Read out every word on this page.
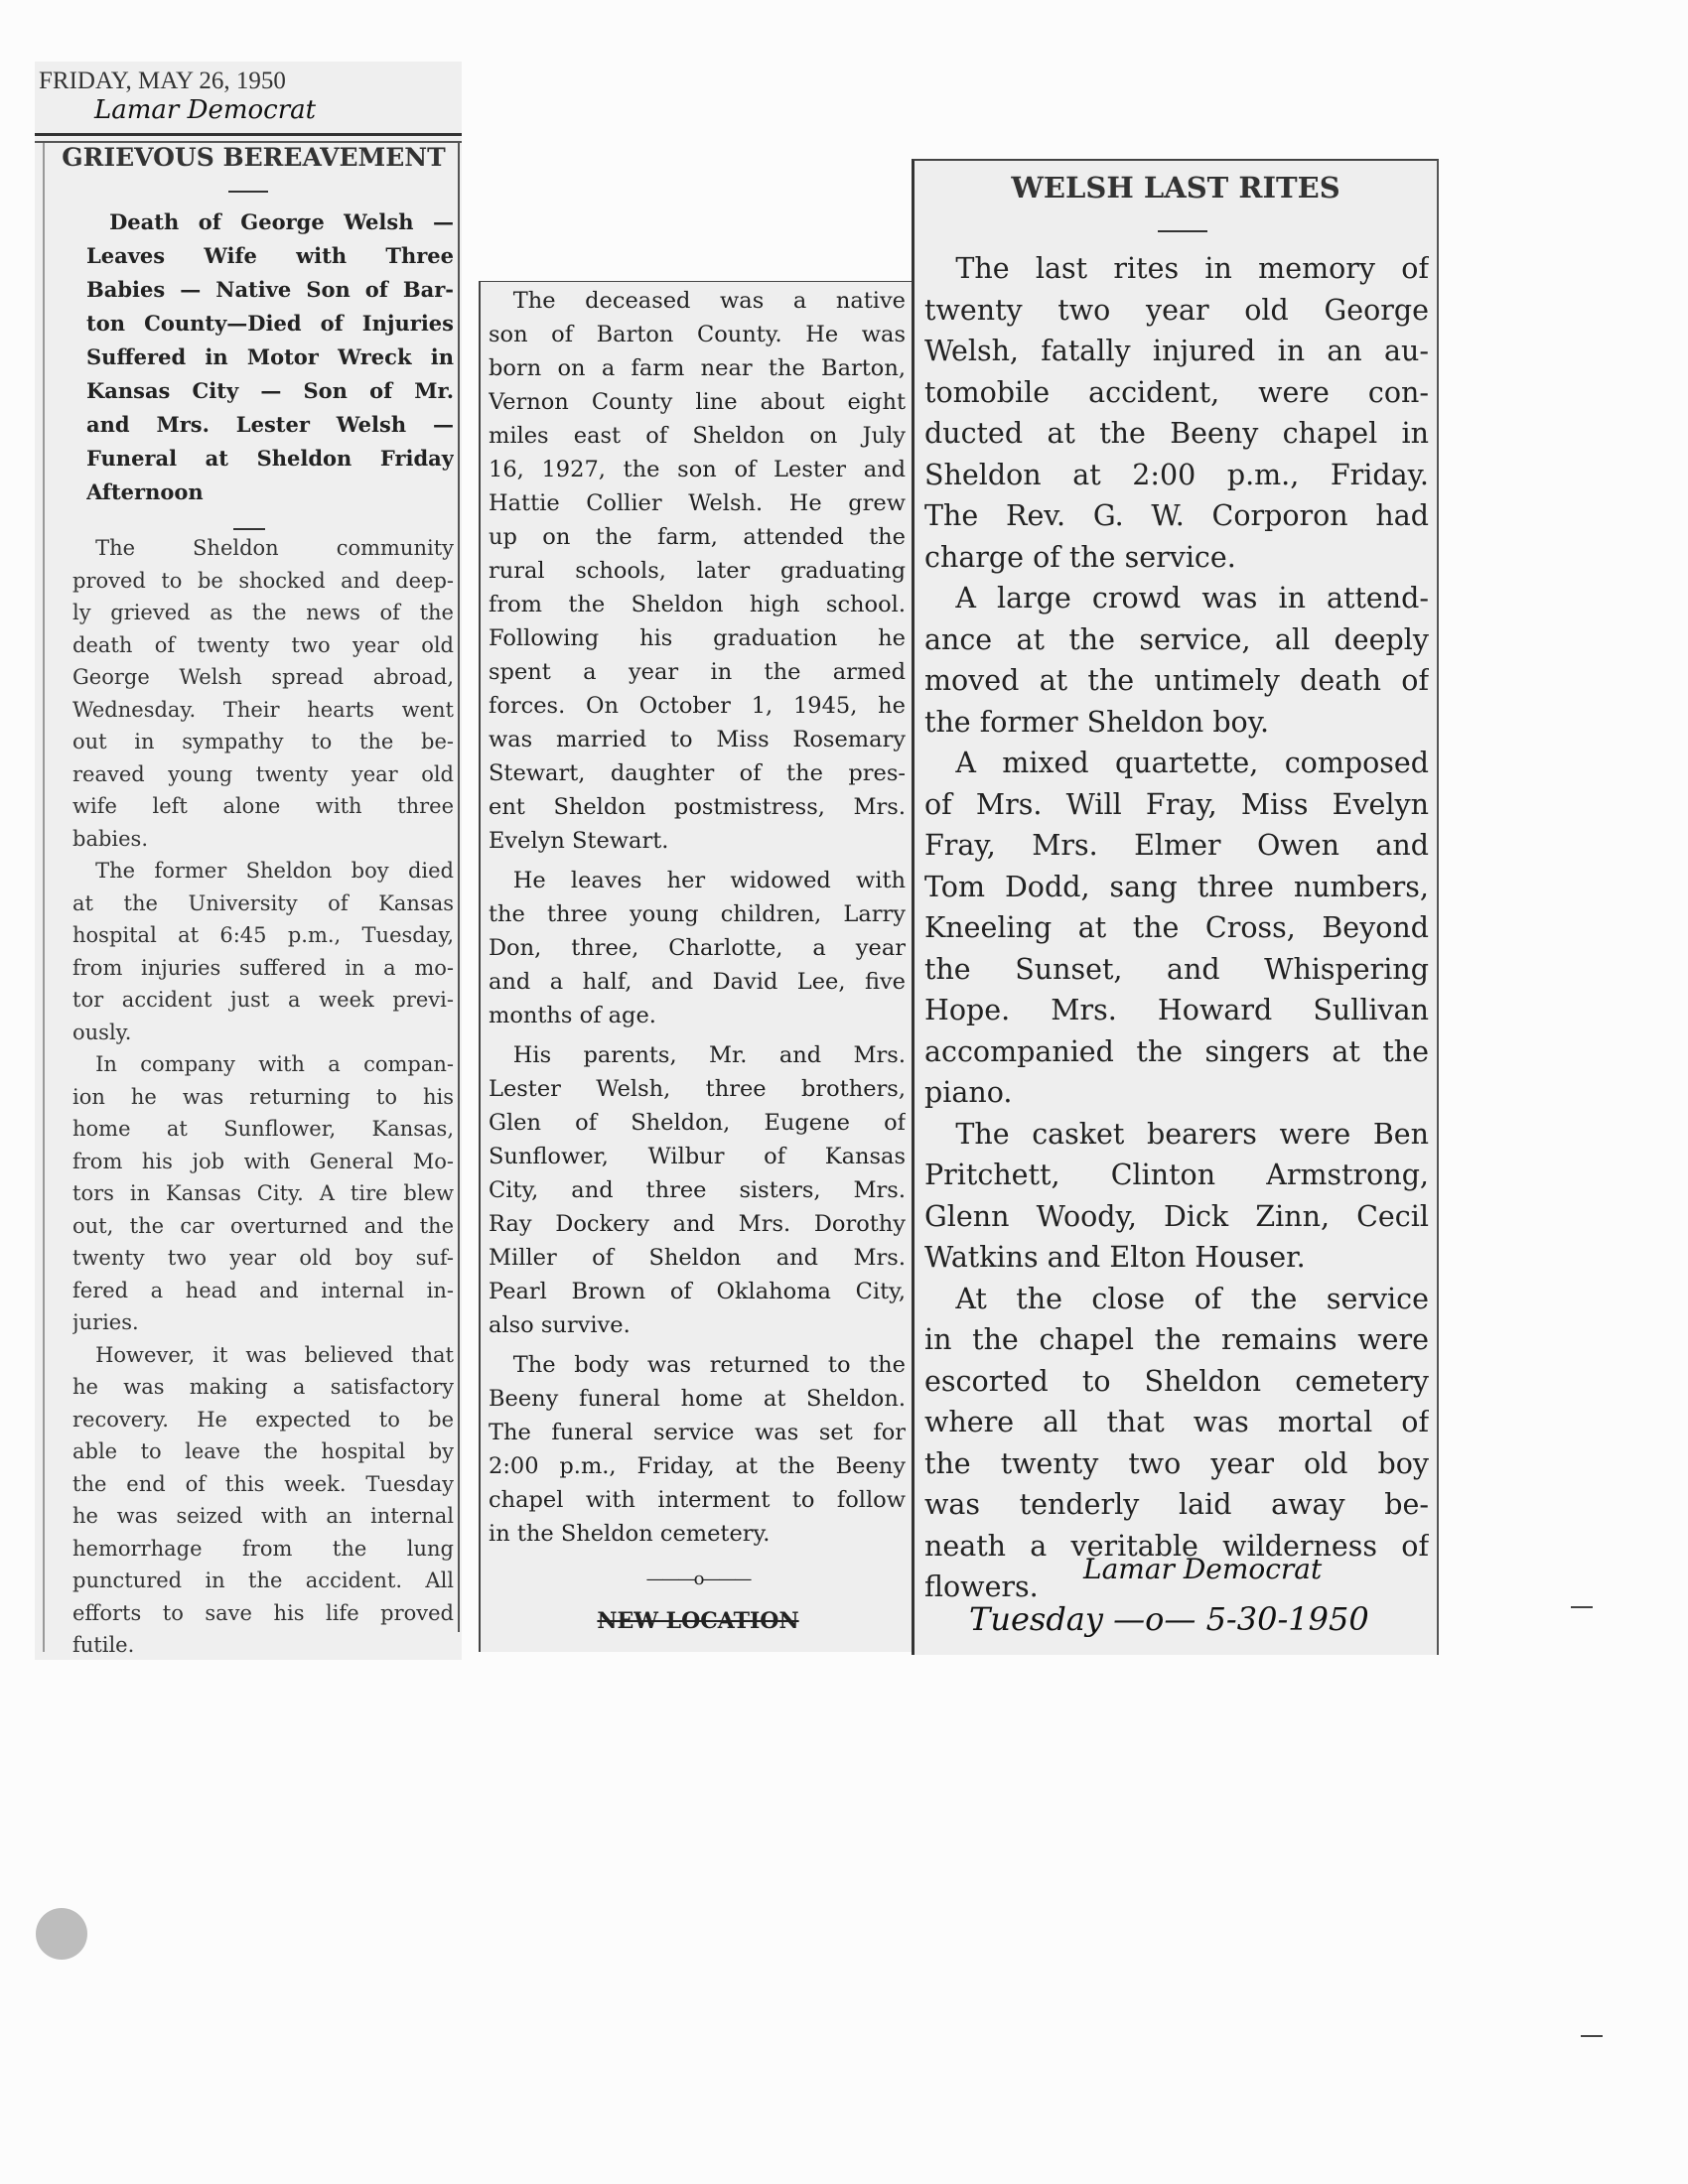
FRIDAY, MAY 26, 1950
Lamar Democrat
GRIEVOUS BEREAVEMENT
Death of George Welsh —
Leaves Wife with Three
Babies — Native Son of Bar-
ton County—Died of Injuries
Suffered in Motor Wreck in
Kansas City — Son of Mr.
and Mrs. Lester Welsh —
Funeral at Sheldon Friday
Afternoon
The Sheldon community
proved to be shocked and deep-
ly grieved as the news of the
death of twenty two year old
George Welsh spread abroad,
Wednesday. Their hearts went
out in sympathy to the be-
reaved young twenty year old
wife left alone with three
babies.
The former Sheldon boy died
at the University of Kansas
hospital at 6:45 p.m., Tuesday,
from injuries suffered in a mo-
tor accident just a week previ-
ously.
In company with a compan-
ion he was returning to his
home at Sunflower, Kansas,
from his job with General Mo-
tors in Kansas City. A tire blew
out, the car overturned and the
twenty two year old boy suf-
fered a head and internal in-
juries.
However, it was believed that
he was making a satisfactory
recovery. He expected to be
able to leave the hospital by
the end of this week. Tuesday
he was seized with an internal
hemorrhage from the lung
punctured in the accident. All
efforts to save his life proved
futile.
The deceased was a native
son of Barton County. He was
born on a farm near the Barton,
Vernon County line about eight
miles east of Sheldon on July
16, 1927, the son of Lester and
Hattie Collier Welsh. He grew
up on the farm, attended the
rural schools, later graduating
from the Sheldon high school.
Following his graduation he
spent a year in the armed
forces. On October 1, 1945, he
was married to Miss Rosemary
Stewart, daughter of the pres-
ent Sheldon postmistress, Mrs.
Evelyn Stewart.
He leaves her widowed with
the three young children, Larry
Don, three, Charlotte, a year
and a half, and David Lee, five
months of age.
His parents, Mr. and Mrs.
Lester Welsh, three brothers,
Glen of Sheldon, Eugene of
Sunflower, Wilbur of Kansas
City, and three sisters, Mrs.
Ray Dockery and Mrs. Dorothy
Miller of Sheldon and Mrs.
Pearl Brown of Oklahoma City,
also survive.
The body was returned to the
Beeny funeral home at Sheldon.
The funeral service was set for
2:00 p.m., Friday, at the Beeny
chapel with interment to follow
in the Sheldon cemetery.
———o———
NEW LOCATION
WELSH LAST RITES
The last rites in memory of
twenty two year old George
Welsh, fatally injured in an au-
tomobile accident, were con-
ducted at the Beeny chapel in
Sheldon at 2:00 p.m., Friday.
The Rev. G. W. Corporon had
charge of the service.
A large crowd was in attend-
ance at the service, all deeply
moved at the untimely death of
the former Sheldon boy.
A mixed quartette, composed
of Mrs. Will Fray, Miss Evelyn
Fray, Mrs. Elmer Owen and
Tom Dodd, sang three numbers,
Kneeling at the Cross, Beyond
the Sunset, and Whispering
Hope. Mrs. Howard Sullivan
accompanied the singers at the
piano.
The casket bearers were Ben
Pritchett, Clinton Armstrong,
Glenn Woody, Dick Zinn, Cecil
Watkins and Elton Houser.
At the close of the service
in the chapel the remains were
escorted to Sheldon cemetery
where all that was mortal of
the twenty two year old boy
was tenderly laid away be-
neath a veritable wilderness of
flowers.
Lamar Democrat
Tuesday —o— 5-30-1950
